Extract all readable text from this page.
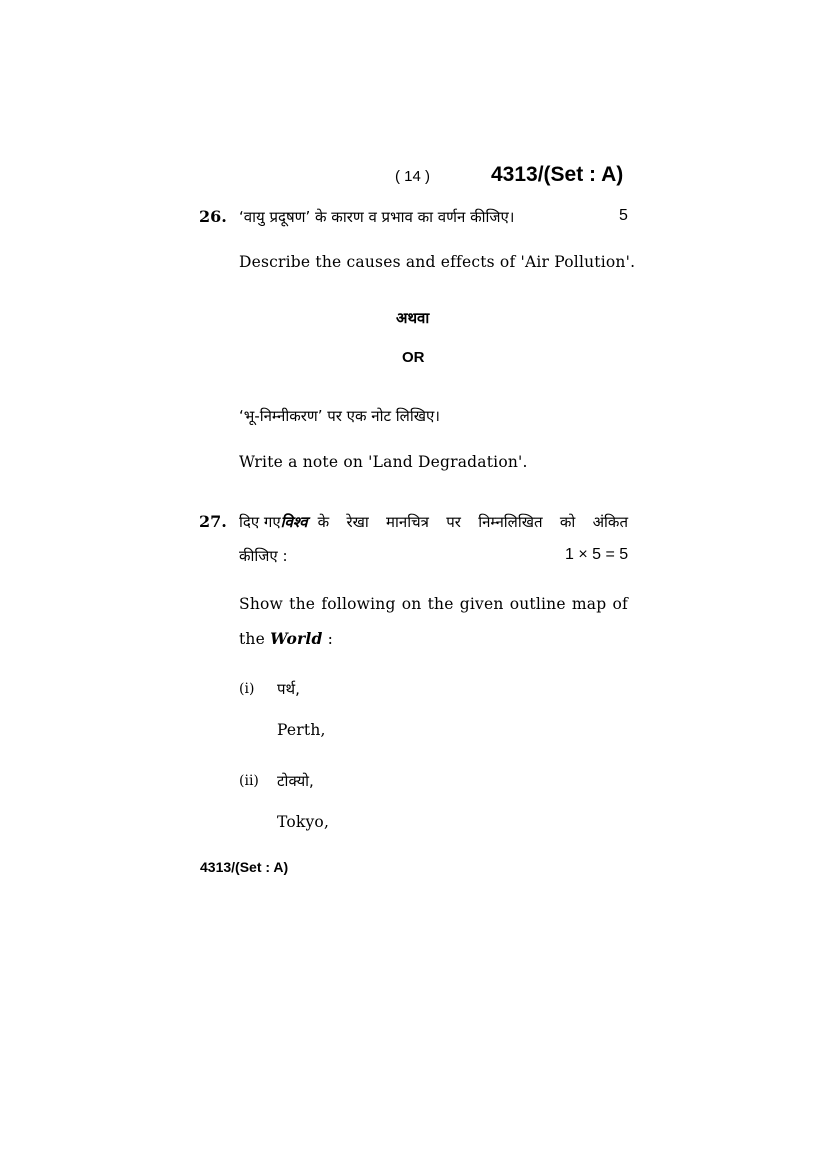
( 14 )	4313/(Set : A)
26. ‘वायु प्रदूषण’ के कारण व प्रभाव का वर्णन कीजिए।	5
Describe the causes and effects of 'Air Pollution'.
अथवा
OR
‘भू-निम्नीकरण’ पर एक नोट लिखिए।
Write a note on 'Land Degradation'.
27. दिए गए विश्व के रेखा मानचित्र पर निम्नलिखित को अंकित
कीजिए :	1 × 5 = 5
Show the following on the given outline map of
the World :
(i) पर्थ,
Perth,
(ii) टोक्यो,
Tokyo,
4313/(Set : A)
